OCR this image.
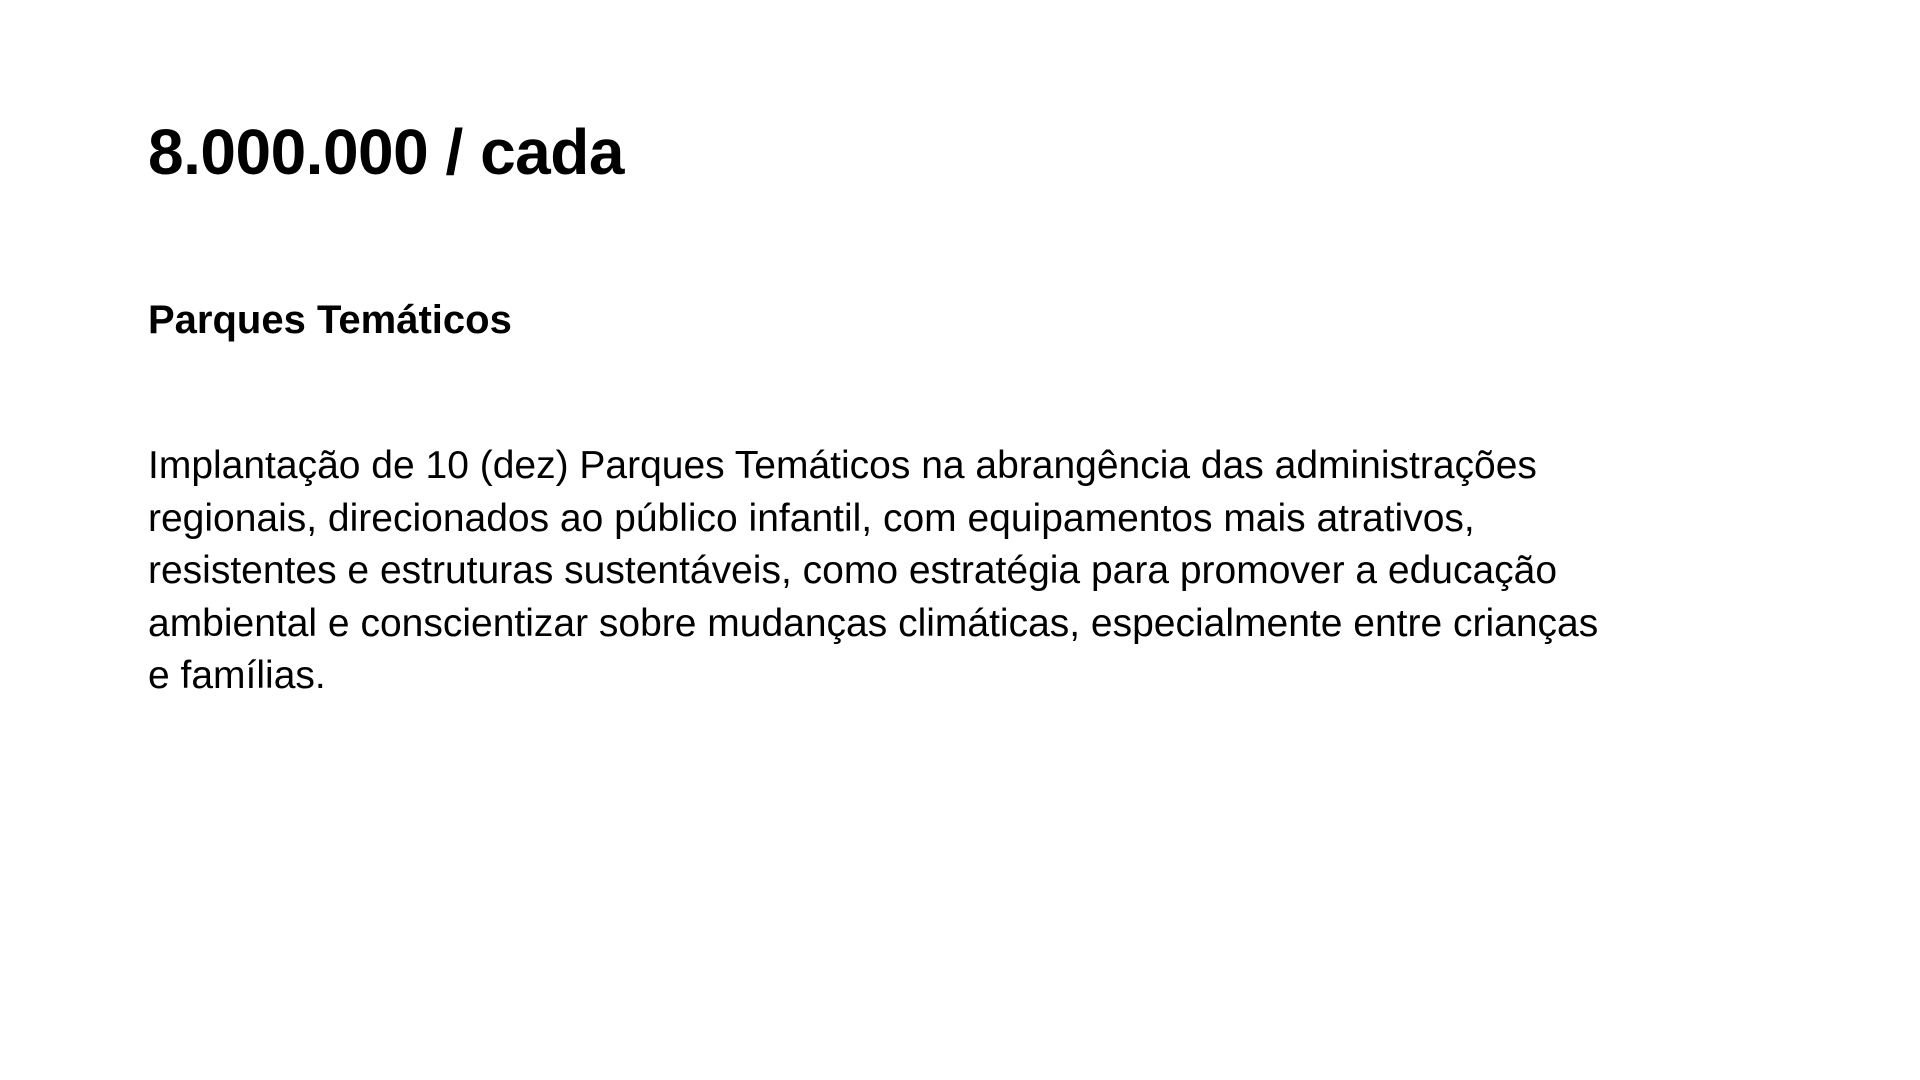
8.000.000 / cada
Parques Temáticos

Implantação de 10 (dez) Parques Temáticos na abrangência das administrações
regionais, direcionados ao público infantil, com equipamentos mais atrativos,
resistentes e estruturas sustentáveis, como estratégia para promover a educação
ambiental e conscientizar sobre mudanças climáticas, especialmente entre crianças
e famílias.
